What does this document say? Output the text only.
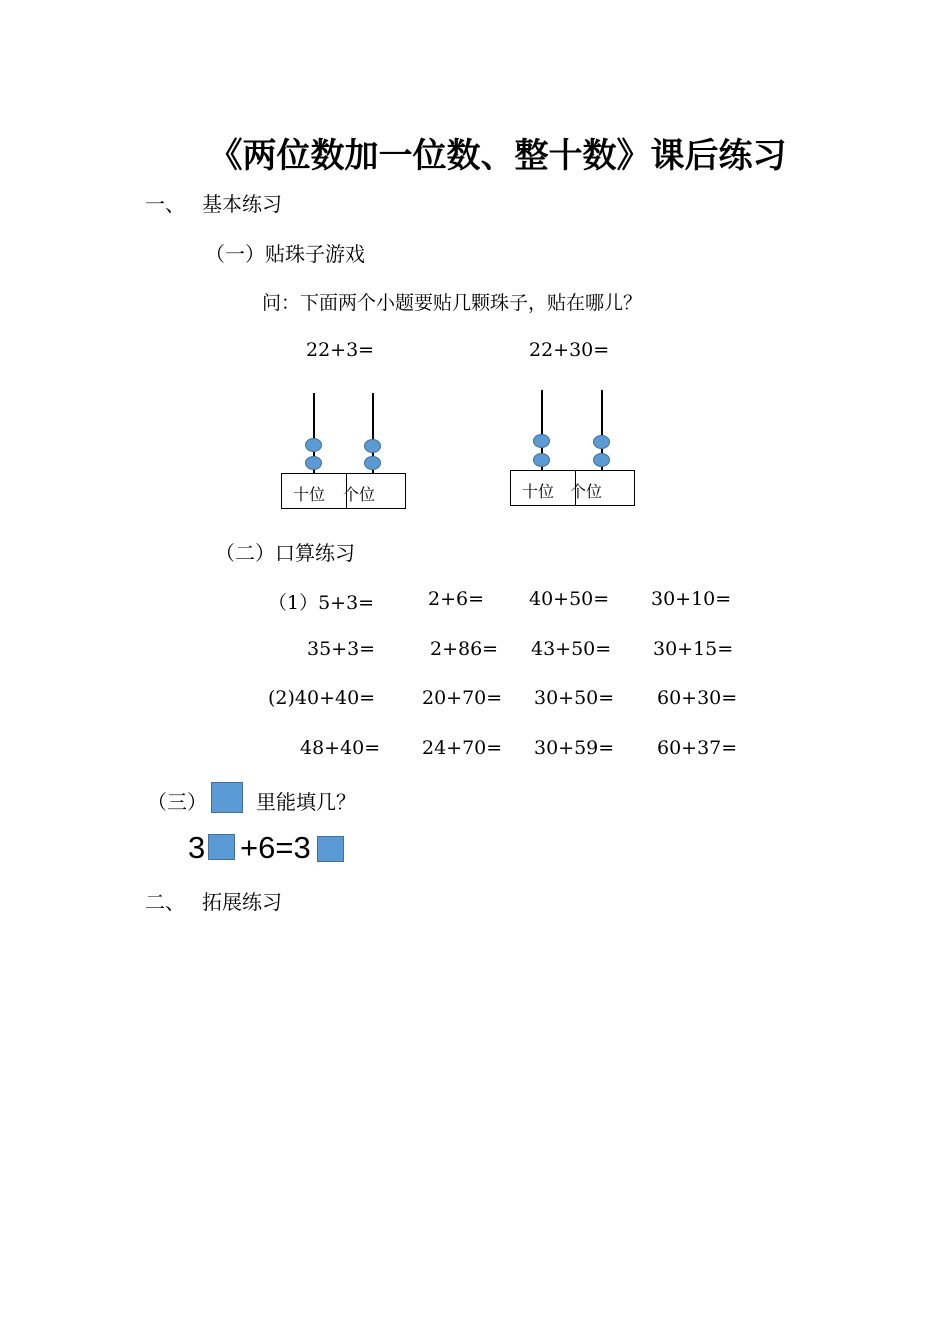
《两位数加一位数、整十数》课后练习
一、 基本练习
（一）贴珠子游戏
问：下面两个小题要贴几颗珠子，贴在哪儿？
22+3=	22+30=
十位 个位	十位 个位
（二）口算练习
（1）5+3=	2+6= 40+50= 30+10=
35+3=	2+86= 43+50= 30+15=
(2)40+40= 20+70= 30+50= 60+30=
48+40= 24+70= 30+59= 60+37=
（三） 里能填几？
3 +6=3
二、 拓展练习
